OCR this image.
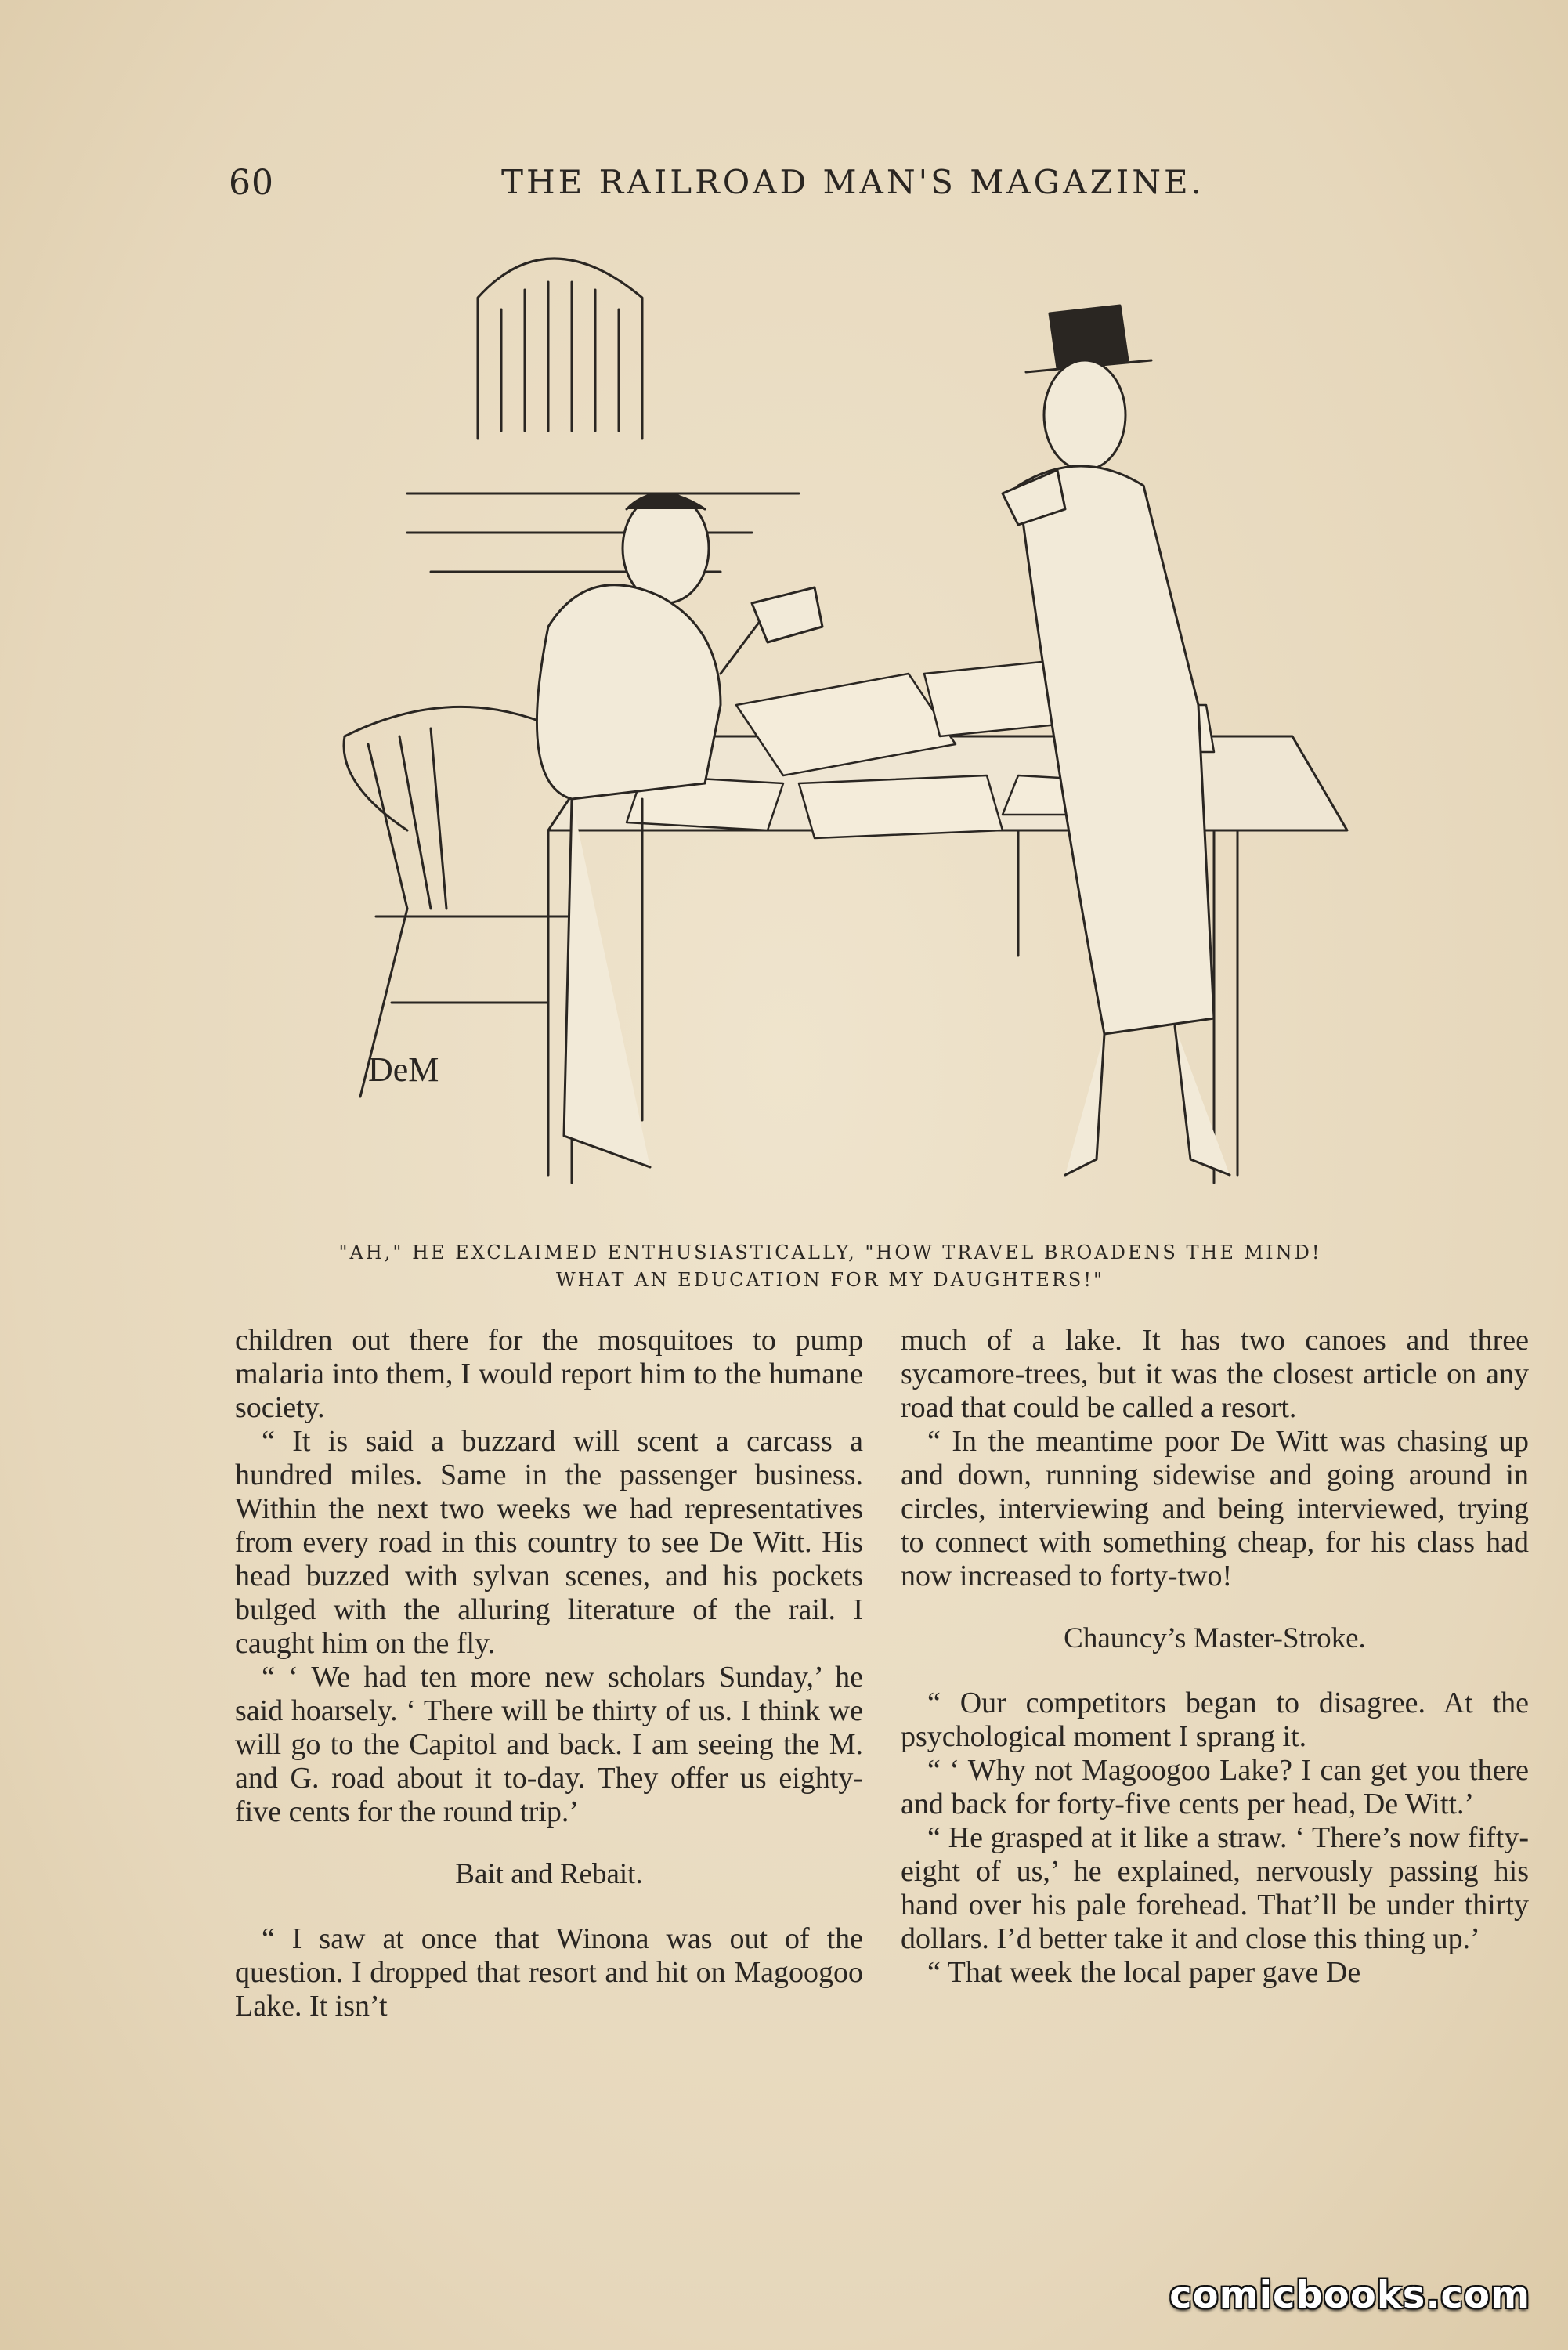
60	THE RAILROAD MAN'S MAGAZINE.
DeM
"AH," HE EXCLAIMED ENTHUSIASTICALLY, "HOW TRAVEL BROADENS THE MIND!
WHAT AN EDUCATION FOR MY DAUGHTERS!"

children out there for the mosquitoes to pump malaria into them, I would report him to the humane society.

“ It is said a buzzard will scent a carcass a hundred miles. Same in the passenger business. Within the next two weeks we had representatives from every road in this country to see De Witt. His head buzzed with sylvan scenes, and his pockets bulged with the alluring literature of the rail. I caught him on the fly.

“ ‘ We had ten more new scholars Sunday,’ he said hoarsely. ‘ There will be thirty of us. I think we will go to the Capitol and back. I am seeing the M. and G. road about it to-day. They offer us eighty-five cents for the round trip.’

Bait and Rebait.

“ I saw at once that Winona was out of the question. I dropped that resort and hit on Magoogoo Lake. It isn’t

much of a lake. It has two canoes and three sycamore-trees, but it was the closest article on any road that could be called a resort.

“ In the meantime poor De Witt was chasing up and down, running sidewise and going around in circles, interviewing and being interviewed, trying to connect with something cheap, for his class had now increased to forty-two!

Chauncy’s Master-Stroke.

“ Our competitors began to disagree. At the psychological moment I sprang it.

“ ‘ Why not Magoogoo Lake? I can get you there and back for forty-five cents per head, De Witt.’

“ He grasped at it like a straw. ‘ There’s now fifty-eight of us,’ he explained, nervously passing his hand over his pale forehead. That’ll be under thirty dollars. I’d better take it and close this thing up.’

“ That week the local paper gave De

comicbooks.com
